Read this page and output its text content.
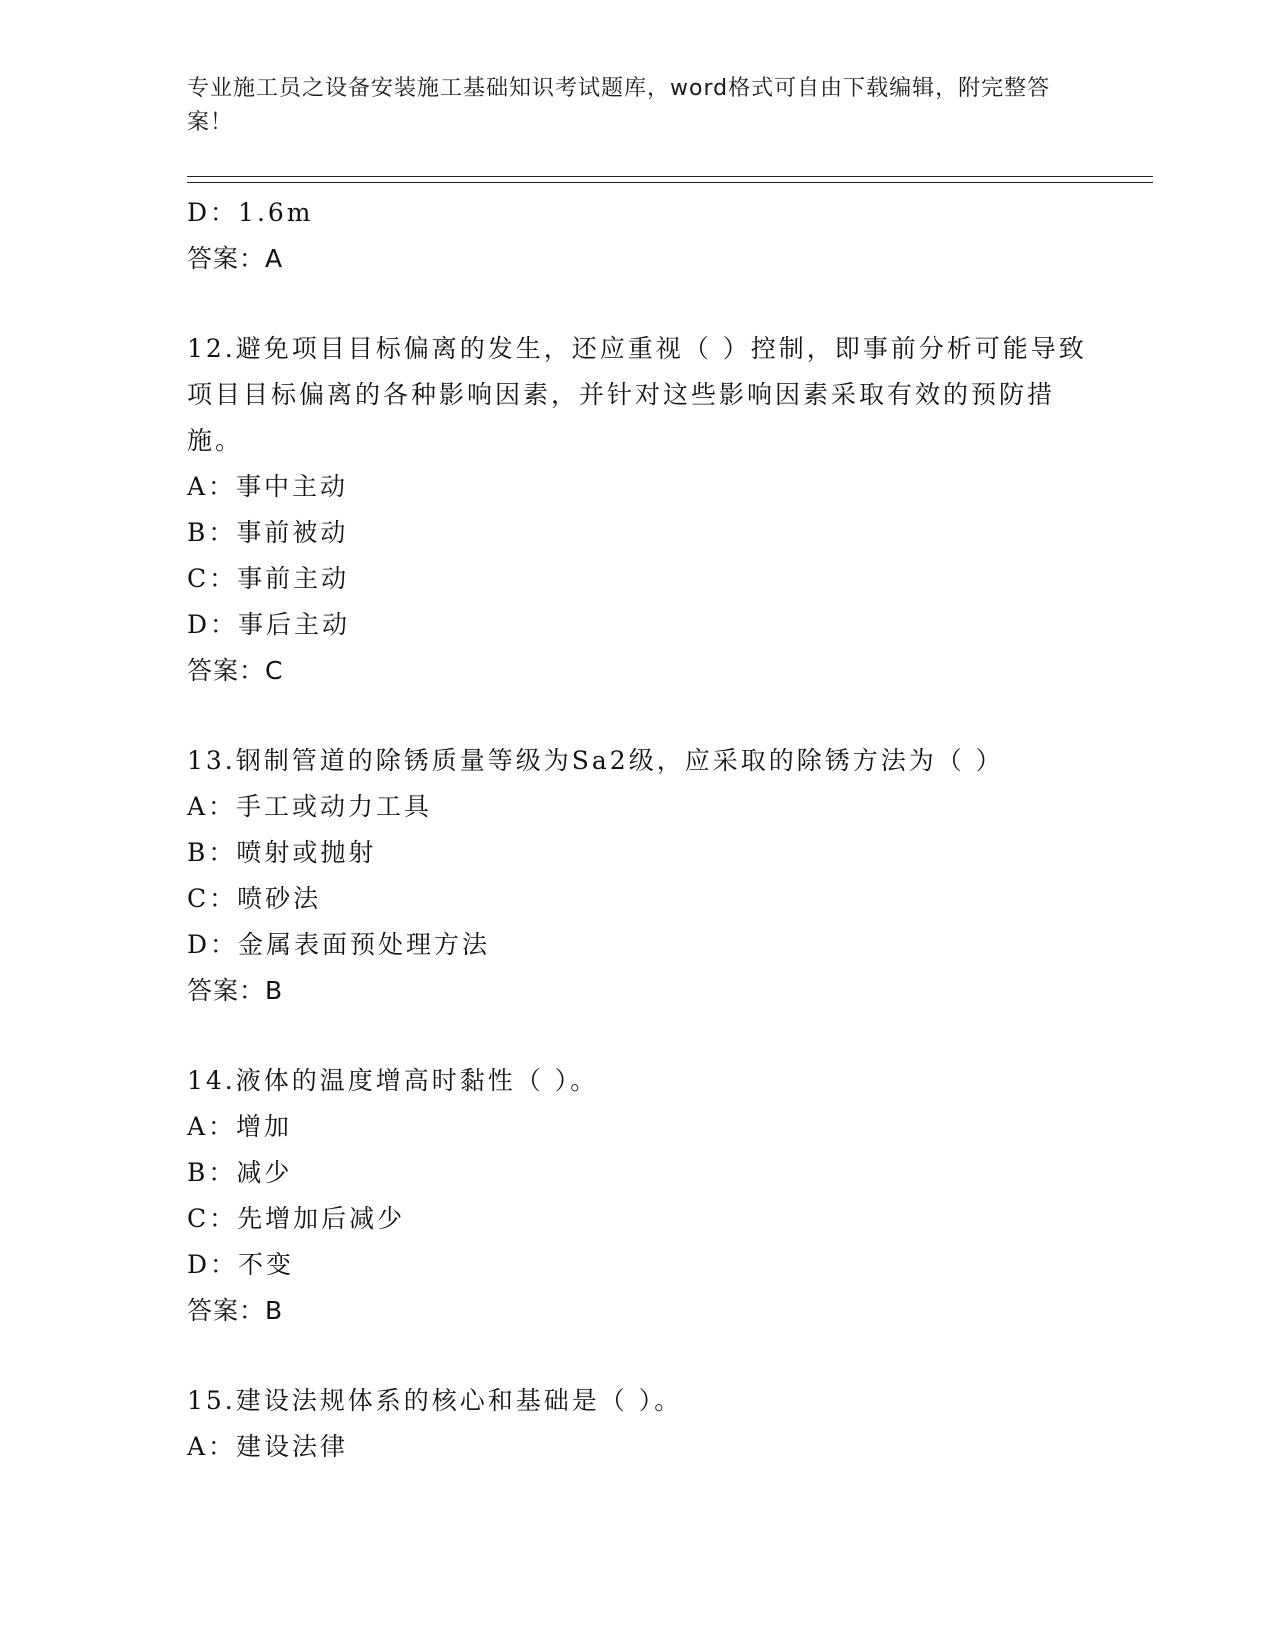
专业施工员之设备安装施工基础知识考试题库，word格式可自由下载编辑，附完整答案！
D：1.6m
答案：A
12.避免项目目标偏离的发生，还应重视（ ）控制，即事前分析可能导致项目目标偏离的各种影响因素，并针对这些影响因素采取有效的预防措施。
A：事中主动
B：事前被动
C：事前主动
D：事后主动
答案：C
13.钢制管道的除锈质量等级为Sa2级，应采取的除锈方法为（ ）
A：手工或动力工具
B：喷射或抛射
C：喷砂法
D：金属表面预处理方法
答案：B
14.液体的温度增高时黏性（ ）。
A：增加
B：减少
C：先增加后减少
D：不变
答案：B
15.建设法规体系的核心和基础是（ ）。
A：建设法律
